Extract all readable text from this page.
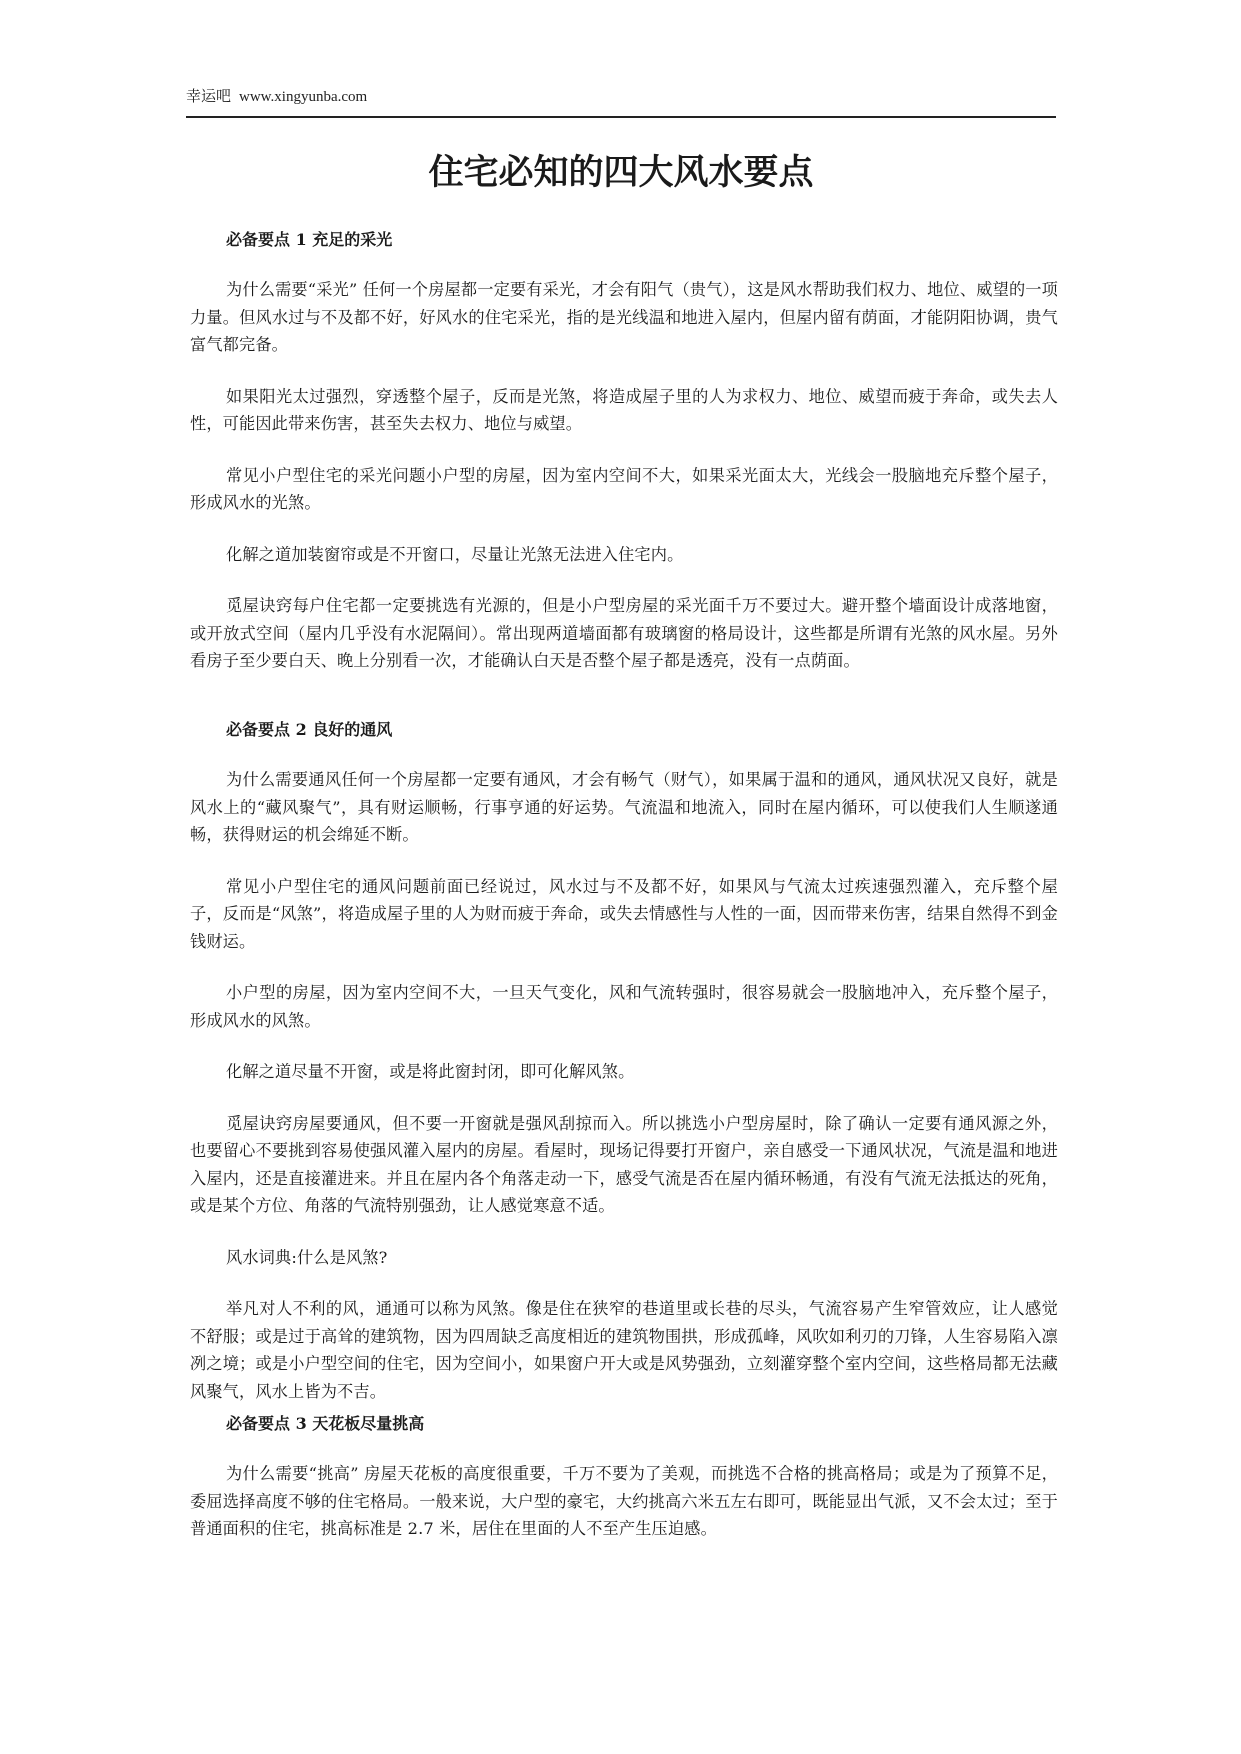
幸运吧 www.xingyunba.com
住宅必知的四大风水要点
必备要点 1 充足的采光

为什么需要“采光” 任何一个房屋都一定要有采光，才会有阳气（贵气），这是风水帮助我们权力、地位、威望的一项力量。但风水过与不及都不好，好风水的住宅采光，指的是光线温和地进入屋内，但屋内留有荫面，才能阴阳协调，贵气富气都完备。

如果阳光太过强烈，穿透整个屋子，反而是光煞，将造成屋子里的人为求权力、地位、威望而疲于奔命，或失去人性，可能因此带来伤害，甚至失去权力、地位与威望。

常见小户型住宅的采光问题小户型的房屋，因为室内空间不大，如果采光面太大，光线会一股脑地充斥整个屋子，形成风水的光煞。

化解之道加装窗帘或是不开窗口，尽量让光煞无法进入住宅内。

觅屋诀窍每户住宅都一定要挑选有光源的，但是小户型房屋的采光面千万不要过大。避开整个墙面设计成落地窗，或开放式空间（屋内几乎没有水泥隔间）。常出现两道墙面都有玻璃窗的格局设计，这些都是所谓有光煞的风水屋。另外看房子至少要白天、晚上分别看一次，才能确认白天是否整个屋子都是透亮，没有一点荫面。

必备要点 2 良好的通风

为什么需要通风任何一个房屋都一定要有通风，才会有畅气（财气），如果属于温和的通风，通风状况又良好，就是风水上的“藏风聚气”，具有财运顺畅，行事亨通的好运势。气流温和地流入，同时在屋内循环，可以使我们人生顺遂通畅，获得财运的机会绵延不断。

常见小户型住宅的通风问题前面已经说过，风水过与不及都不好，如果风与气流太过疾速强烈灌入，充斥整个屋子，反而是“风煞”，将造成屋子里的人为财而疲于奔命，或失去情感性与人性的一面，因而带来伤害，结果自然得不到金钱财运。

小户型的房屋，因为室内空间不大，一旦天气变化，风和气流转强时，很容易就会一股脑地冲入，充斥整个屋子，形成风水的风煞。

化解之道尽量不开窗，或是将此窗封闭，即可化解风煞。

觅屋诀窍房屋要通风，但不要一开窗就是强风刮掠而入。所以挑选小户型房屋时，除了确认一定要有通风源之外，也要留心不要挑到容易使强风灌入屋内的房屋。看屋时，现场记得要打开窗户，亲自感受一下通风状况，气流是温和地进入屋内，还是直接灌进来。并且在屋内各个角落走动一下，感受气流是否在屋内循环畅通，有没有气流无法抵达的死角，或是某个方位、角落的气流特别强劲，让人感觉寒意不适。

风水词典:什么是风煞?

举凡对人不利的风，通通可以称为风煞。像是住在狭窄的巷道里或长巷的尽头，气流容易产生窄管效应，让人感觉不舒服；或是过于高耸的建筑物，因为四周缺乏高度相近的建筑物围拱，形成孤峰，风吹如利刃的刀锋，人生容易陷入凛冽之境；或是小户型空间的住宅，因为空间小，如果窗户开大或是风势强劲，立刻灌穿整个室内空间，这些格局都无法藏风聚气，风水上皆为不吉。

必备要点 3 天花板尽量挑高

为什么需要“挑高” 房屋天花板的高度很重要，千万不要为了美观，而挑选不合格的挑高格局；或是为了预算不足，委屈选择高度不够的住宅格局。一般来说，大户型的豪宅，大约挑高六米五左右即可，既能显出气派，又不会太过；至于普通面积的住宅，挑高标准是 2.7 米，居住在里面的人不至产生压迫感。
